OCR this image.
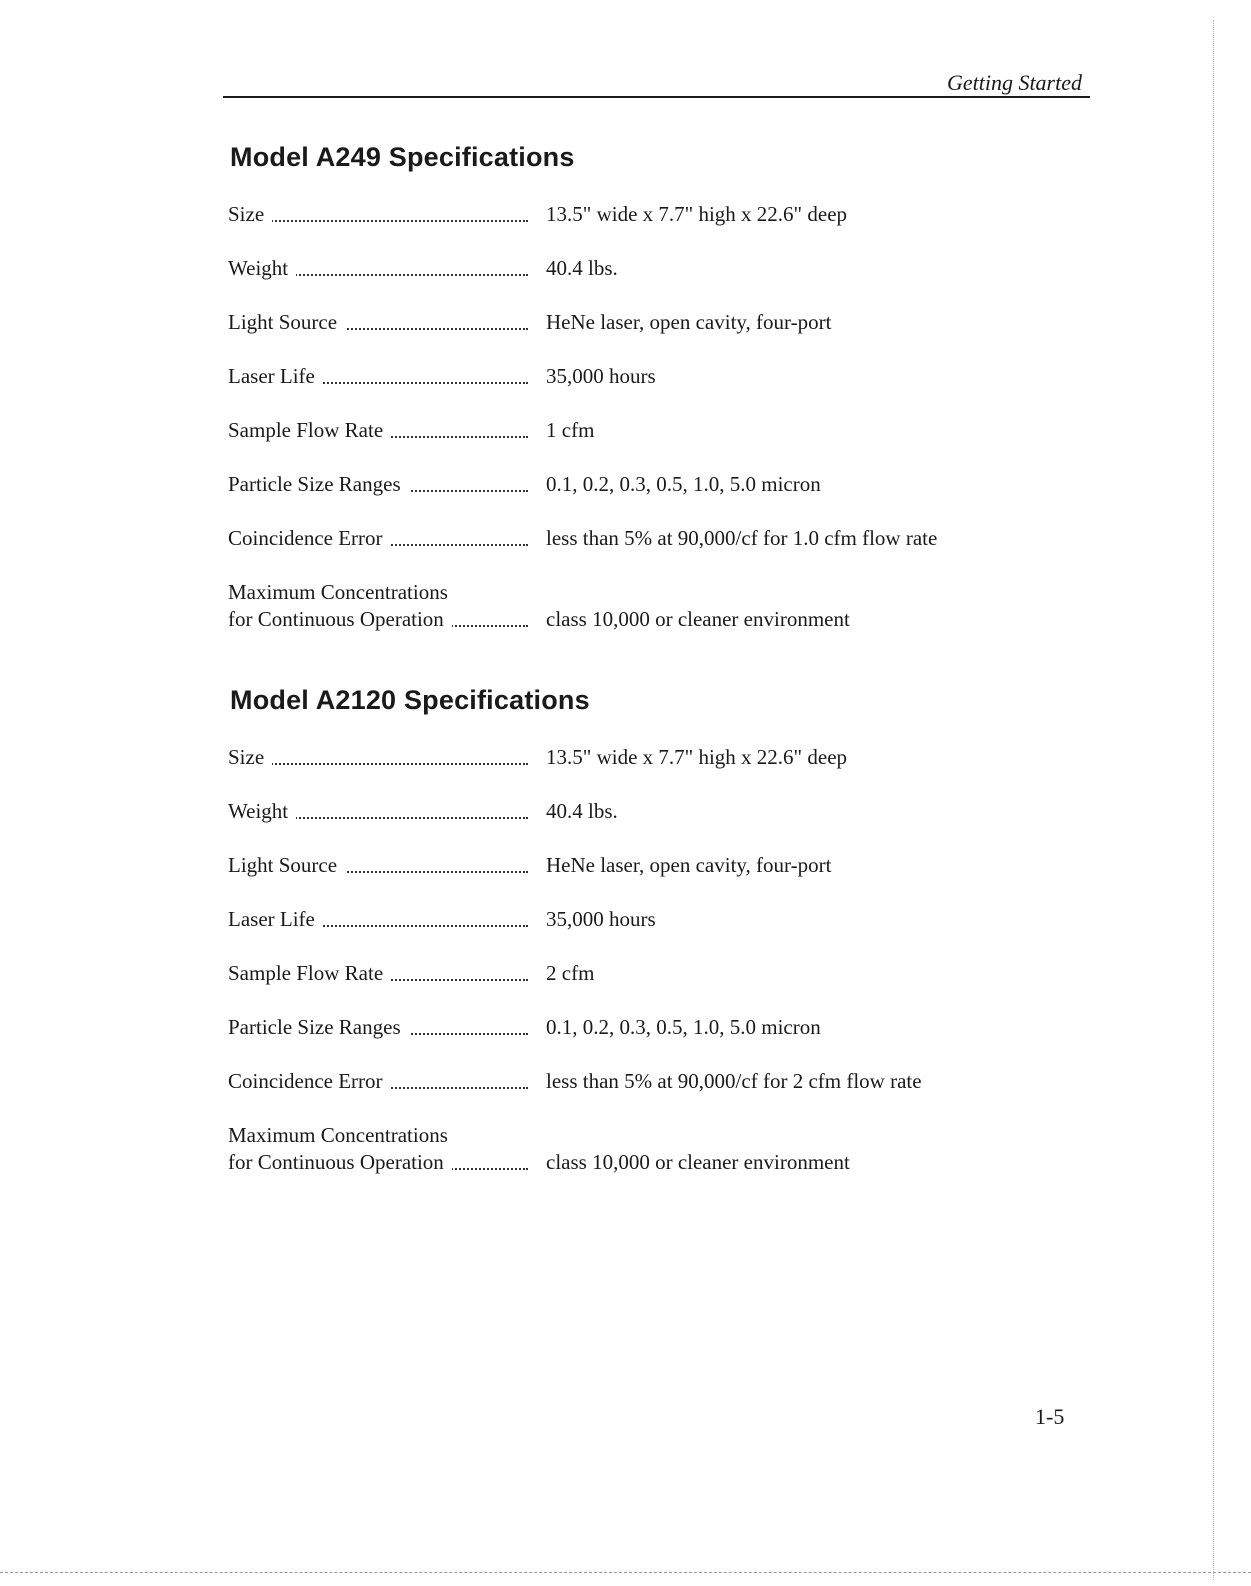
Getting Started
Model A249 Specifications
Size	13.5" wide x 7.7" high x 22.6" deep
Weight	40.4 lbs.
Light Source	HeNe laser, open cavity, four-port
Laser Life	35,000 hours
Sample Flow Rate	1 cfm
Particle Size Ranges	0.1, 0.2, 0.3, 0.5, 1.0, 5.0 micron
Coincidence Error	less than 5% at 90,000/cf for 1.0 cfm flow rate
Maximum Concentrations
for Continuous Operation	class 10,000 or cleaner environment
Model A2120 Specifications
Size	13.5" wide x 7.7" high x 22.6" deep
Weight	40.4 lbs.
Light Source	HeNe laser, open cavity, four-port
Laser Life	35,000 hours
Sample Flow Rate	2 cfm
Particle Size Ranges	0.1, 0.2, 0.3, 0.5, 1.0, 5.0 micron
Coincidence Error	less than 5% at 90,000/cf for 2 cfm flow rate
Maximum Concentrations
for Continuous Operation	class 10,000 or cleaner environment
1-5
